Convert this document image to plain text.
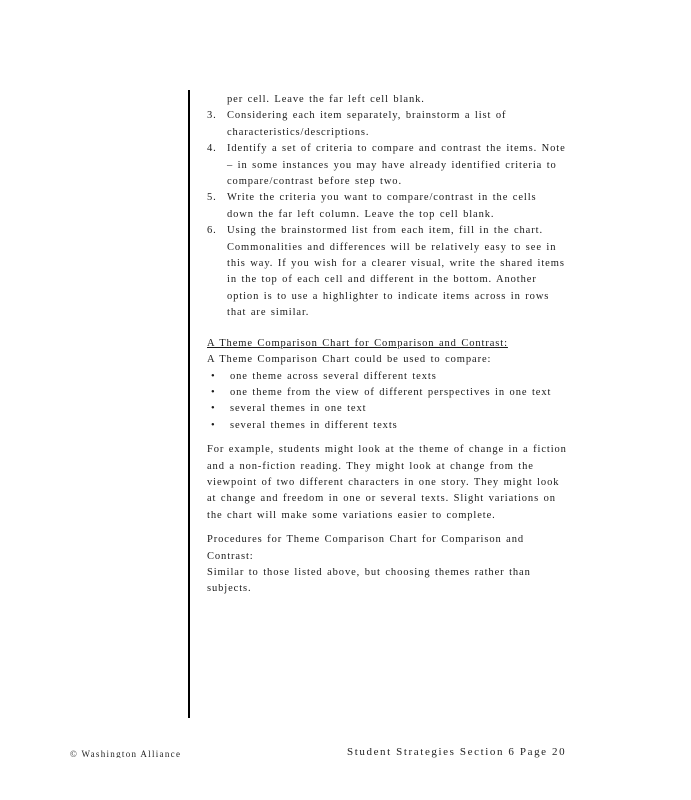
per cell. Leave the far left cell blank.
3. Considering each item separately, brainstorm a list of characteristics/descriptions.
4. Identify a set of criteria to compare and contrast the items. Note – in some instances you may have already identified criteria to compare/contrast before step two.
5. Write the criteria you want to compare/contrast in the cells down the far left column. Leave the top cell blank.
6. Using the brainstormed list from each item, fill in the chart. Commonalities and differences will be relatively easy to see in this way. If you wish for a clearer visual, write the shared items in the top of each cell and different in the bottom. Another option is to use a highlighter to indicate items across in rows that are similar.
A Theme Comparison Chart for Comparison and Contrast:
A Theme Comparison Chart could be used to compare:
• one theme across several different texts
• one theme from the view of different perspectives in one text
• several themes in one text
• several themes in different texts
For example, students might look at the theme of change in a fiction and a non-fiction reading. They might look at change from the viewpoint of two different characters in one story. They might look at change and freedom in one or several texts. Slight variations on the chart will make some variations easier to complete.
Procedures for Theme Comparison Chart for Comparison and Contrast:
Similar to those listed above, but choosing themes rather than subjects.
© Washington Alliance	Student Strategies Section 6 Page 20
